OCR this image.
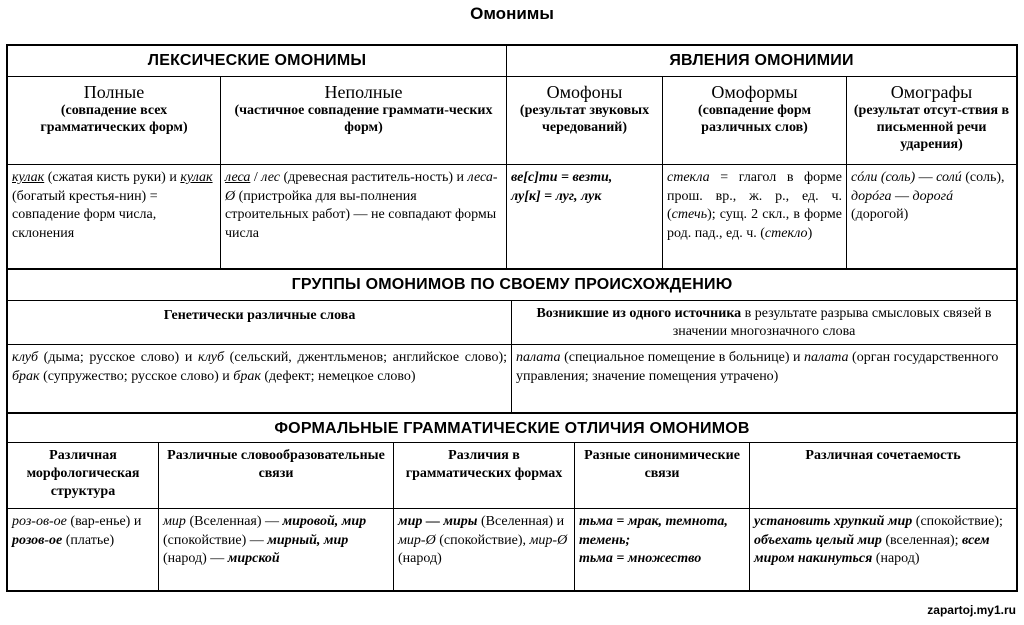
Омонимы
ЛЕКСИЧЕСКИЕ ОМОНИМЫ	ЯВЛЕНИЯ ОМОНИМИИ
Полные
(совпадение всех грамматических форм)
Неполные
(частичное совпадение граммати-ческих форм)
Омофоны
(результат звуковых чередований)
Омоформы
(совпадение форм различных слов)
Омографы
(результат отсут-ствия в письменной речи ударения)
кулак (сжатая кисть руки) и кулак (богатый крестья-нин) = совпадение форм числа, склонения
леса / лес (древесная раститель-ность) и леса-Ø (пристройка для вы-полнения строительных работ) — не совпадают формы числа
ве[с]ти = везти,
лу[к] = луг, лук
стекла = глагол в форме прош. вр., ж. р., ед. ч. (стечь); сущ. 2 скл., в форме род. пад., ед. ч. (стекло)
сóли (соль) — солú (соль), дорóга — дорогá (дорогой)
ГРУППЫ ОМОНИМОВ ПО СВОЕМУ ПРОИСХОЖДЕНИЮ
Генетически различные слова	Возникшие из одного источника в результате разрыва смысловых связей в значении многозначного слова
клуб (дыма; русское слово) и клуб (сельский, джентльменов; английское слово); брак (супружество; русское слово) и брак (дефект; немецкое слово)
палата (специальное помещение в больнице) и палата (орган государственного управления; значение помещения утрачено)
ФОРМАЛЬНЫЕ ГРАММАТИЧЕСКИЕ ОТЛИЧИЯ ОМОНИМОВ
Различная морфологическая структура
Различные словообразовательные связи
Различия в грамматических формах
Разные синонимические связи
Различная сочетаемость
роз-ов-ое (вар-енье) и розов-ое (платье)
мир (Вселенная) — мировой, мир (спокойствие) — мирный, мир (народ) — мирской
мир — миры (Вселенная) и мир-Ø (спокойствие), мир-Ø (народ)
тьма = мрак, темнота, темень;
тьма = множество
установить хрупкий мир (спокойствие); объехать целый мир (вселенная); всем миром накинуться (народ)
zapartoj.my1.ru
